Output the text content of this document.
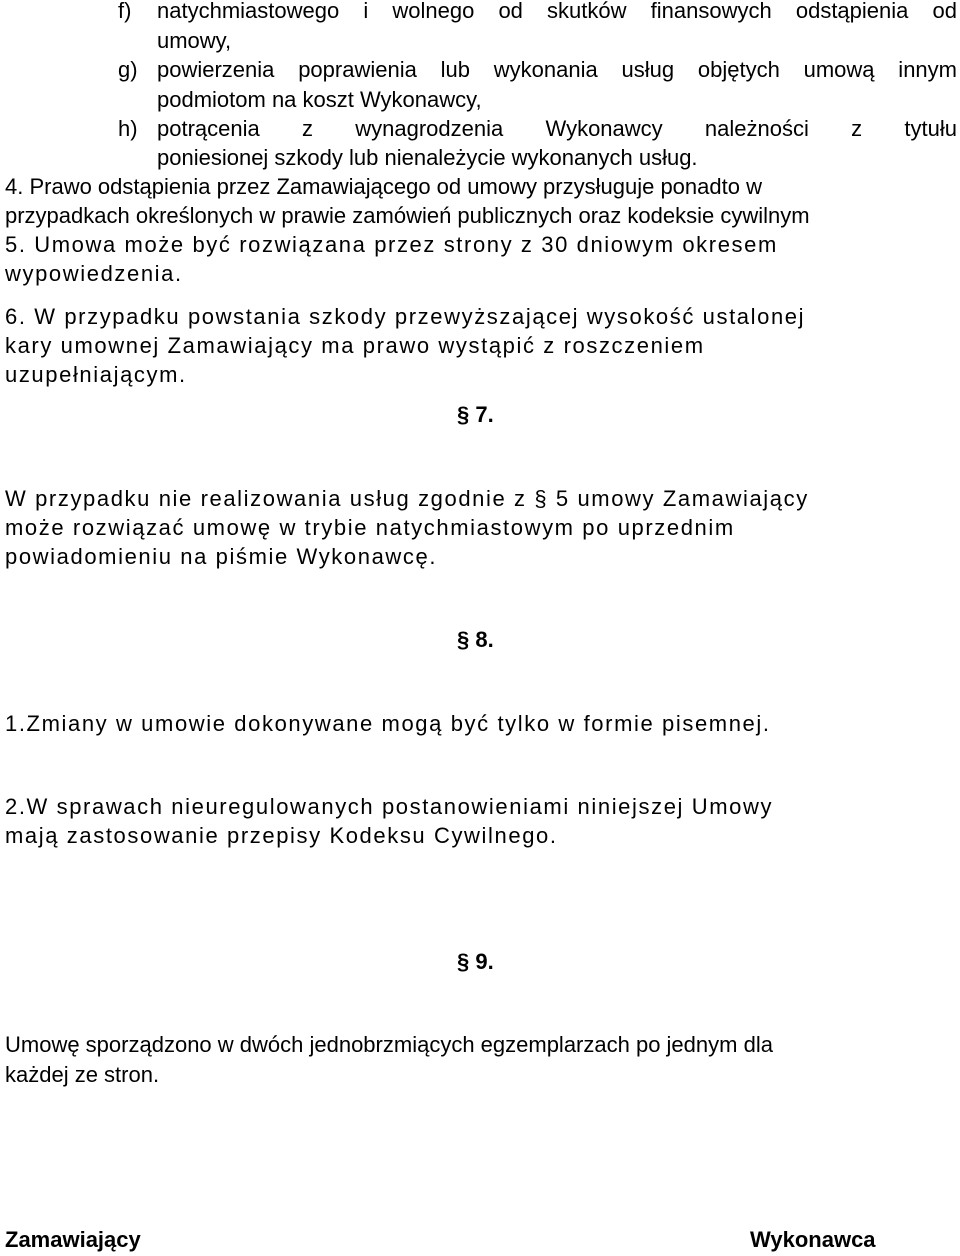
f) natychmiastowego i wolnego od skutków finansowych odstąpienia od
umowy,
g) powierzenia poprawienia lub wykonania usług objętych umową innym
podmiotom na koszt Wykonawcy,
h) potrącenia z wynagrodzenia Wykonawcy należności z tytułu
poniesionej szkody lub nienależycie wykonanych usług.
4. Prawo odstąpienia przez Zamawiającego od umowy przysługuje ponadto w
przypadkach określonych w prawie zamówień publicznych oraz kodeksie cywilnym
5. Umowa może być rozwiązana przez strony z 30 dniowym okresem
wypowiedzenia.
6. W przypadku powstania szkody przewyższającej wysokość ustalonej
kary umownej Zamawiający ma prawo wystąpić z roszczeniem
uzupełniającym.
§ 7.
W przypadku nie realizowania usług zgodnie z § 5 umowy Zamawiający
może rozwiązać umowę w trybie natychmiastowym po uprzednim
powiadomieniu na piśmie Wykonawcę.
§ 8.
1.Zmiany w umowie dokonywane mogą być tylko w formie pisemnej.
2.W sprawach nieuregulowanych postanowieniami niniejszej Umowy
mają zastosowanie przepisy Kodeksu Cywilnego.
§ 9.
Umowę sporządzono w dwóch jednobrzmiących egzemplarzach po jednym dla
każdej ze stron.
Zamawiający	Wykonawca
